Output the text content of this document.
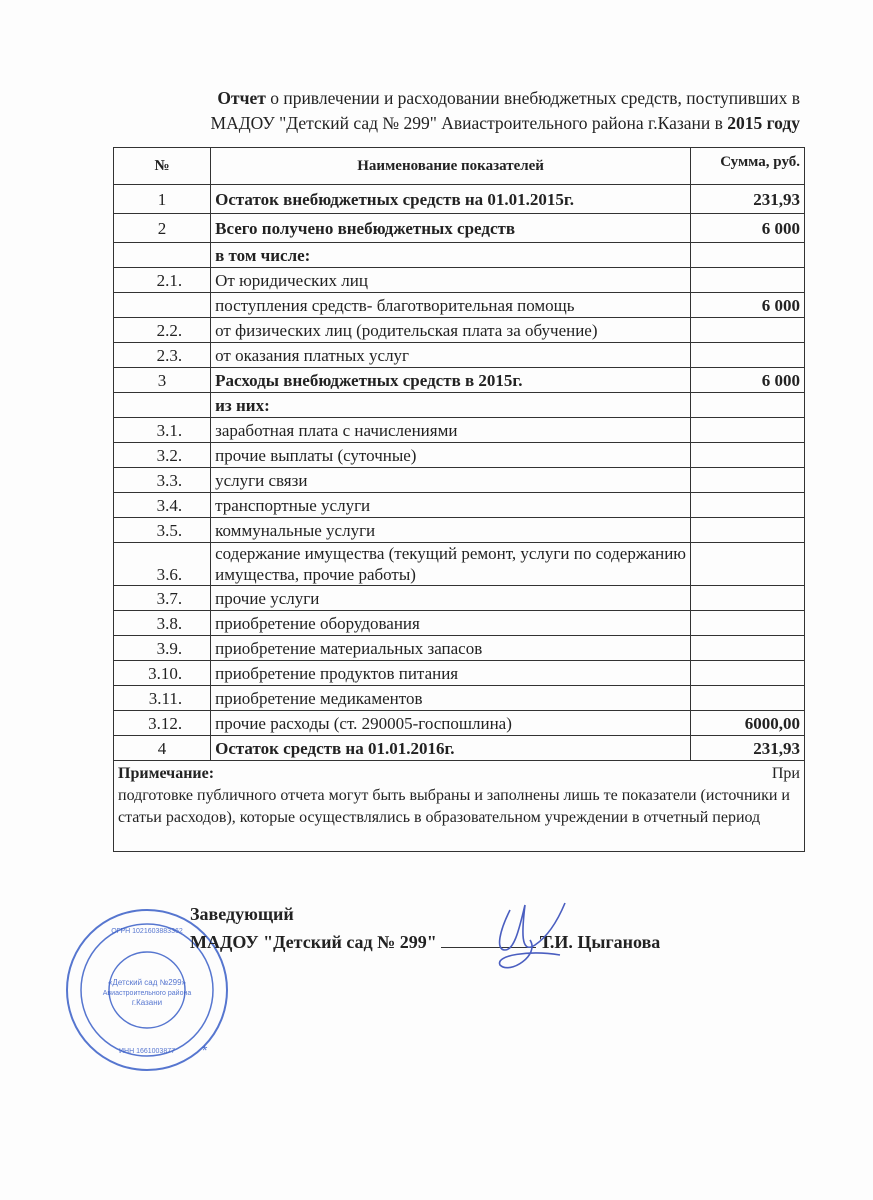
Отчет о привлечении и расходовании внебюджетных средств, поступивших в
МАДОУ "Детский сад № 299" Авиастроительного района г.Казани в 2015 году
№	Наименование показателей	Сумма, руб.
1	Остаток внебюджетных средств на 01.01.2015г.	231,93
2	Всего получено внебюджетных средств	6 000
	в том числе:	
2.1.	От юридических лиц	
	поступления средств- благотворительная помощь	6 000
2.2.	от физических лиц (родительская плата за обучение)	
2.3.	от оказания платных услуг	
3	Расходы внебюджетных средств в 2015г.	6 000
	из них:	
3.1.	заработная плата с начислениями	
3.2.	прочие выплаты (суточные)	
3.3.	услуги связи	
3.4.	транспортные услуги	
3.5.	коммунальные услуги	
3.6.	содержание имущества (текущий ремонт, услуги по содержанию имущества, прочие работы)	
3.7.	прочие услуги	
3.8.	приобретение оборудования	
3.9.	приобретение материальных запасов	
3.10.	приобретение продуктов питания	
3.11.	приобретение медикаментов	
3.12.	прочие расходы (ст. 290005-госпошлина)	6000,00
4	Остаток средств на 01.01.2016г.	231,93

Примечание: При
подготовке публичного отчета могут быть выбраны и заполнены лишь те показатели (источники и статьи расходов), которые осуществлялись в образовательном учреждении в отчетный период		
«Детский сад №299»
Авиастроительного района
г.Казани
ОГРН 1021603883362
ИНН 1661003877 *
Заведующий
МАДОУ "Детский сад № 299"	Т.И. Цыганова
